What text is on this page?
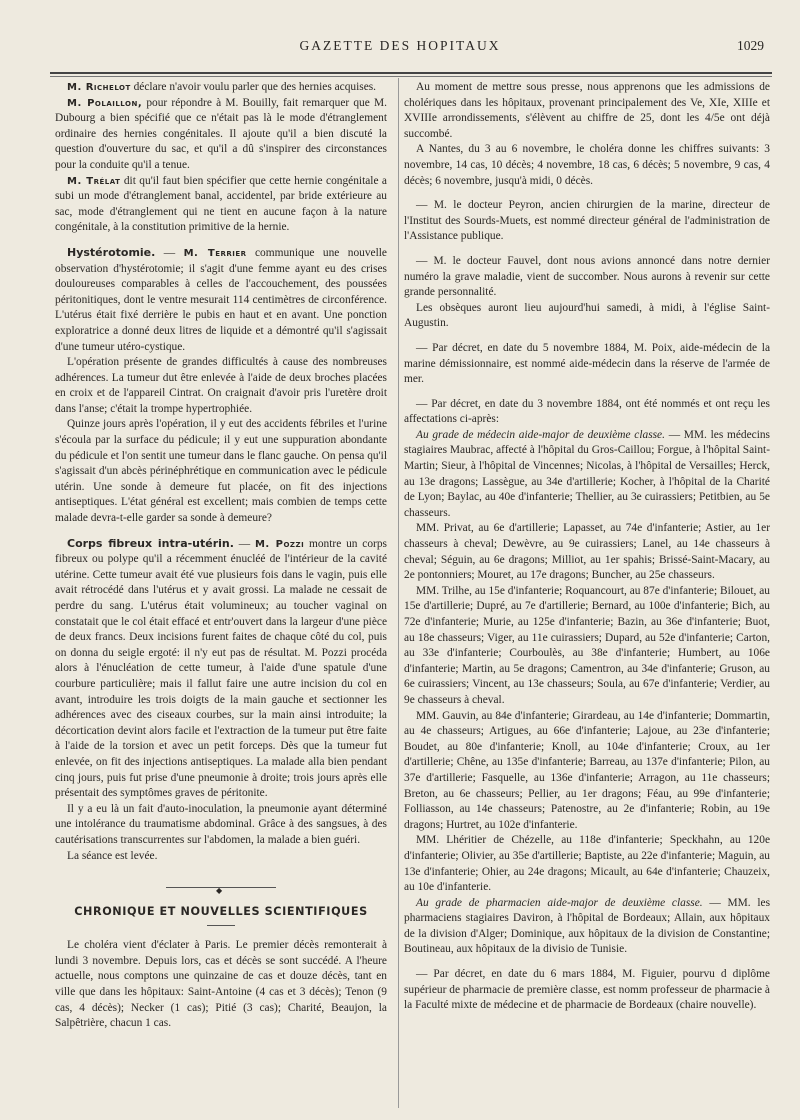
GAZETTE DES HOPITAUX	1029

M. Richelot déclare n'avoir voulu parler que des hernies acquises.

M. Polaillon, pour répondre à M. Bouilly, fait remarquer que M. Dubourg a bien spécifié que ce n'était pas là le mode d'étranglement ordinaire des hernies congénitales. Il ajoute qu'il a bien discuté la question d'ouverture du sac, et qu'il a dû s'inspirer des circonstances pour la conduite qu'il a tenue.

M. Trélat dit qu'il faut bien spécifier que cette hernie congénitale a subi un mode d'étranglement banal, accidentel, par bride extérieure au sac, mode d'étranglement qui ne tient en aucune façon à la nature congénitale, à la constitution primitive de la hernie.

Hystérotomie. — M. Terrier communique une nouvelle observation d'hystérotomie; il s'agit d'une femme ayant eu des crises douloureuses comparables à celles de l'accouchement, des poussées péritonitiques, dont le ventre mesurait 114 centimètres de circonférence. L'utérus était fixé derrière le pubis en haut et en avant. Une ponction exploratrice a donné deux litres de liquide et a démontré qu'il s'agissait d'une tumeur utéro-cystique.

L'opération présente de grandes difficultés à cause des nombreuses adhérences. La tumeur dut être enlevée à l'aide de deux broches placées en croix et de l'appareil Cintrat. On craignait d'avoir pris l'uretère droit dans l'anse; c'était la trompe hypertrophiée.

Quinze jours après l'opération, il y eut des accidents fébriles et l'urine s'écoula par la surface du pédicule; il y eut une suppuration abondante du pédicule et l'on sentit une tumeur dans le flanc gauche. On pensa qu'il s'agissait d'un abcès périnéphrétique en communication avec le pédicule utérin. Une sonde à demeure fut placée, on fit des injections antiseptiques. L'état général est excellent; mais combien de temps cette malade devra-t-elle garder sa sonde à demeure?

Corps fibreux intra-utérin. — M. Pozzi montre un corps fibreux ou polype qu'il a récemment énucléé de l'intérieur de la cavité utérine. Cette tumeur avait été vue plusieurs fois dans le vagin, puis elle avait rétrocédé dans l'utérus et y avait grossi. La malade ne cessait de perdre du sang. L'utérus était volumineux; au toucher vaginal on constatait que le col était effacé et entr'ouvert dans la largeur d'une pièce de deux francs. Deux incisions furent faites de chaque côté du col, puis on donna du seigle ergoté: il n'y eut pas de résultat. M. Pozzi procéda alors à l'énucléation de cette tumeur, à l'aide d'une spatule d'une courbure particulière; mais il fallut faire une autre incision du col en avant, introduire les trois doigts de la main gauche et sectionner les adhérences avec des ciseaux courbes, sur la main ainsi introduite; la décortication devint alors facile et l'extraction de la tumeur put être faite à l'aide de la torsion et avec un petit forceps. Dès que la tumeur fut enlevée, on fit des injections antiseptiques. La malade alla bien pendant cinq jours, puis fut prise d'une pneumonie à droite; trois jours après elle présentait des symptômes graves de péritonite.

Il y a eu là un fait d'auto-inoculation, la pneumonie ayant déterminé une intolérance du traumatisme abdominal. Grâce à des sangsues, à des cautérisations transcurrentes sur l'abdomen, la malade a bien guéri.

La séance est levée.

◆
CHRONIQUE ET NOUVELLES SCIENTIFIQUES

Le choléra vient d'éclater à Paris. Le premier décès remonterait à lundi 3 novembre. Depuis lors, cas et décès se sont succédé. A l'heure actuelle, nous comptons une quinzaine de cas et douze décès, tant en ville que dans les hôpitaux: Saint-Antoine (4 cas et 3 décès); Tenon (9 cas, 4 décès); Necker (1 cas); Pitié (3 cas); Charité, Beaujon, la Salpêtrière, chacun 1 cas.

Au moment de mettre sous presse, nous apprenons que les admissions de cholériques dans les hôpitaux, provenant principalement des Ve, XIe, XIIIe et XVIIIe arrondissements, s'élèvent au chiffre de 25, dont les 4/5e ont déjà succombé.

A Nantes, du 3 au 6 novembre, le choléra donne les chiffres suivants: 3 novembre, 14 cas, 10 décès; 4 novembre, 18 cas, 6 décès; 5 novembre, 9 cas, 4 décès; 6 novembre, jusqu'à midi, 0 décès.

— M. le docteur Peyron, ancien chirurgien de la marine, directeur de l'Institut des Sourds-Muets, est nommé directeur général de l'administration de l'Assistance publique.

— M. le docteur Fauvel, dont nous avions annoncé dans notre dernier numéro la grave maladie, vient de succomber. Nous aurons à revenir sur cette grande personnalité.

Les obsèques auront lieu aujourd'hui samedi, à midi, à l'église Saint-Augustin.

— Par décret, en date du 5 novembre 1884, M. Poix, aide-médecin de la marine démissionnaire, est nommé aide-médecin dans la réserve de l'armée de mer.

— Par décret, en date du 3 novembre 1884, ont été nommés et ont reçu les affectations ci-après:

Au grade de médecin aide-major de deuxième classe. — MM. les médecins stagiaires Maubrac, affecté à l'hôpital du Gros-Caillou; Forgue, à l'hôpital Saint-Martin; Sieur, à l'hôpital de Vincennes; Nicolas, à l'hôpital de Versailles; Herck, au 13e dragons; Lassègue, au 34e d'artillerie; Kocher, à l'hôpital de la Charité de Lyon; Baylac, au 40e d'infanterie; Thellier, au 3e cuirassiers; Petitbien, au 5e chasseurs.

MM. Privat, au 6e d'artillerie; Lapasset, au 74e d'infanterie; Astier, au 1er chasseurs à cheval; Dewèvre, au 9e cuirassiers; Lanel, au 14e chasseurs à cheval; Séguin, au 6e dragons; Milliot, au 1er spahis; Brissé-Saint-Macary, au 2e pontonniers; Mouret, au 17e dragons; Buncher, au 25e chasseurs.

MM. Trilhe, au 15e d'infanterie; Roquancourt, au 87e d'infanterie; Bilouet, au 15e d'artillerie; Dupré, au 7e d'artillerie; Bernard, au 100e d'infanterie; Bich, au 72e d'infanterie; Murie, au 125e d'infanterie; Bazin, au 36e d'infanterie; Buot, au 18e chasseurs; Viger, au 11e cuirassiers; Dupard, au 52e d'infanterie; Carton, au 33e d'infanterie; Courboulès, au 38e d'infanterie; Humbert, au 106e d'infanterie; Martin, au 5e dragons; Camentron, au 34e d'infanterie; Gruson, au 6e cuirassiers; Vincent, au 13e chasseurs; Soula, au 67e d'infanterie; Verdier, au 9e chasseurs à cheval.

MM. Gauvin, au 84e d'infanterie; Girardeau, au 14e d'infanterie; Dommartin, au 4e chasseurs; Artigues, au 66e d'infanterie; Lajoue, au 23e d'infanterie; Boudet, au 80e d'infanterie; Knoll, au 104e d'infanterie; Croux, au 1er d'artillerie; Chêne, au 135e d'infanterie; Barreau, au 137e d'infanterie; Pilon, au 37e d'artillerie; Fasquelle, au 136e d'infanterie; Arragon, au 11e chasseurs; Breton, au 6e chasseurs; Pellier, au 1er dragons; Féau, au 99e d'infanterie; Folliasson, au 14e chasseurs; Patenostre, au 2e d'infanterie; Robin, au 19e dragons; Hurtret, au 102e d'infanterie.

MM. Lhéritier de Chézelle, au 118e d'infanterie; Speckhahn, au 120e d'infanterie; Olivier, au 35e d'artillerie; Baptiste, au 22e d'infanterie; Maguin, au 13e d'infanterie; Ohier, au 24e dragons; Micault, au 64e d'infanterie; Chauzeix, au 10e d'infanterie.

Au grade de pharmacien aide-major de deuxième classe. — MM. les pharmaciens stagiaires Daviron, à l'hôpital de Bordeaux; Allain, aux hôpitaux de la division d'Alger; Dominique, aux hôpitaux de la division de Constantine; Boutineau, aux hôpitaux de la divisio de Tunisie.

— Par décret, en date du 6 mars 1884, M. Figuier, pourvu d diplôme supérieur de pharmacie de première classe, est nomm professeur de pharmacie à la Faculté mixte de médecine et de pharmacie de Bordeaux (chaire nouvelle).
